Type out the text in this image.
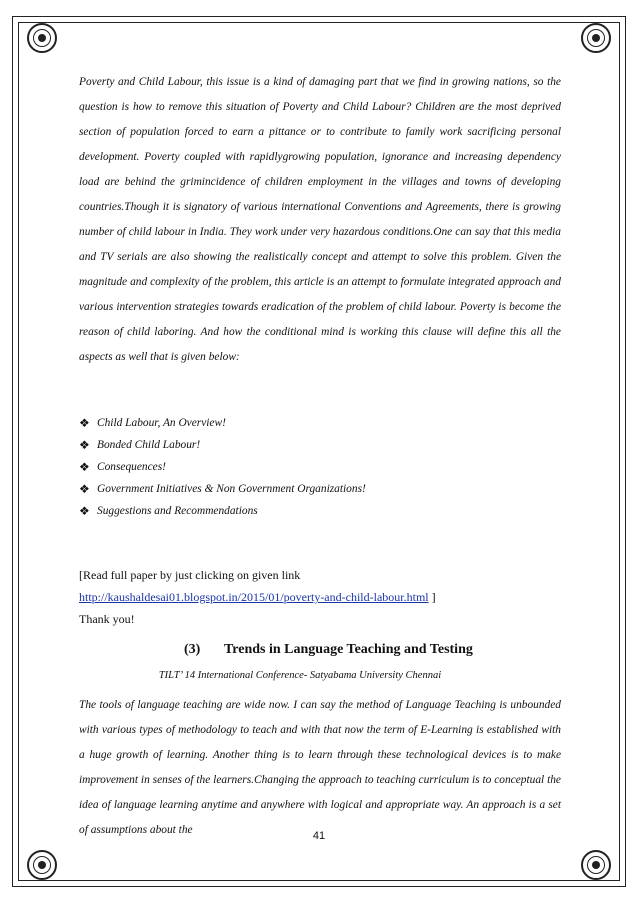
Poverty and Child Labour, this issue is a kind of damaging part that we find in growing nations, so the question is how to remove this situation of Poverty and Child Labour? Children are the most deprived section of population forced to earn a pittance or to contribute to family work sacrificing personal development. Poverty coupled with rapidlygrowing population, ignorance and increasing dependency load are behind the grimincidence of children employment in the villages and towns of developing countries.Though it is signatory of various international Conventions and Agreements, there is growing number of child labour in India. They work under very hazardous conditions.One can say that this media and TV serials are also showing the realistically concept and attempt to solve this problem. Given the magnitude and complexity of the problem, this article is an attempt to formulate integrated approach and various intervention strategies towards eradication of the problem of child labour. Poverty is become the reason of child laboring. And how the conditional mind is working this clause will define this all the aspects as well that is given below:

❖ Child Labour, An Overview!
❖ Bonded Child Labour!
❖ Consequences!
❖ Government Initiatives & Non Government Organizations!
❖ Suggestions and Recommendations
[Read full paper by just clicking on given link
http://kaushaldesai01.blogspot.in/2015/01/poverty-and-child-labour.html ]
Thank you!
(3)	Trends in Language Teaching and Testing
TILT’ 14 International Conference- Satyabama University Chennai

The tools of language teaching are wide now. I can say the method of Language Teaching is unbounded with various types of methodology to teach and with that now the term of E-Learning is established with a huge growth of learning. Another thing is to learn through these technological devices is to make improvement in senses of the learners.Changing the approach to teaching curriculum is to conceptual the idea of language learning anytime and anywhere with logical and appropriate way. An approach is a set of assumptions about the	41
